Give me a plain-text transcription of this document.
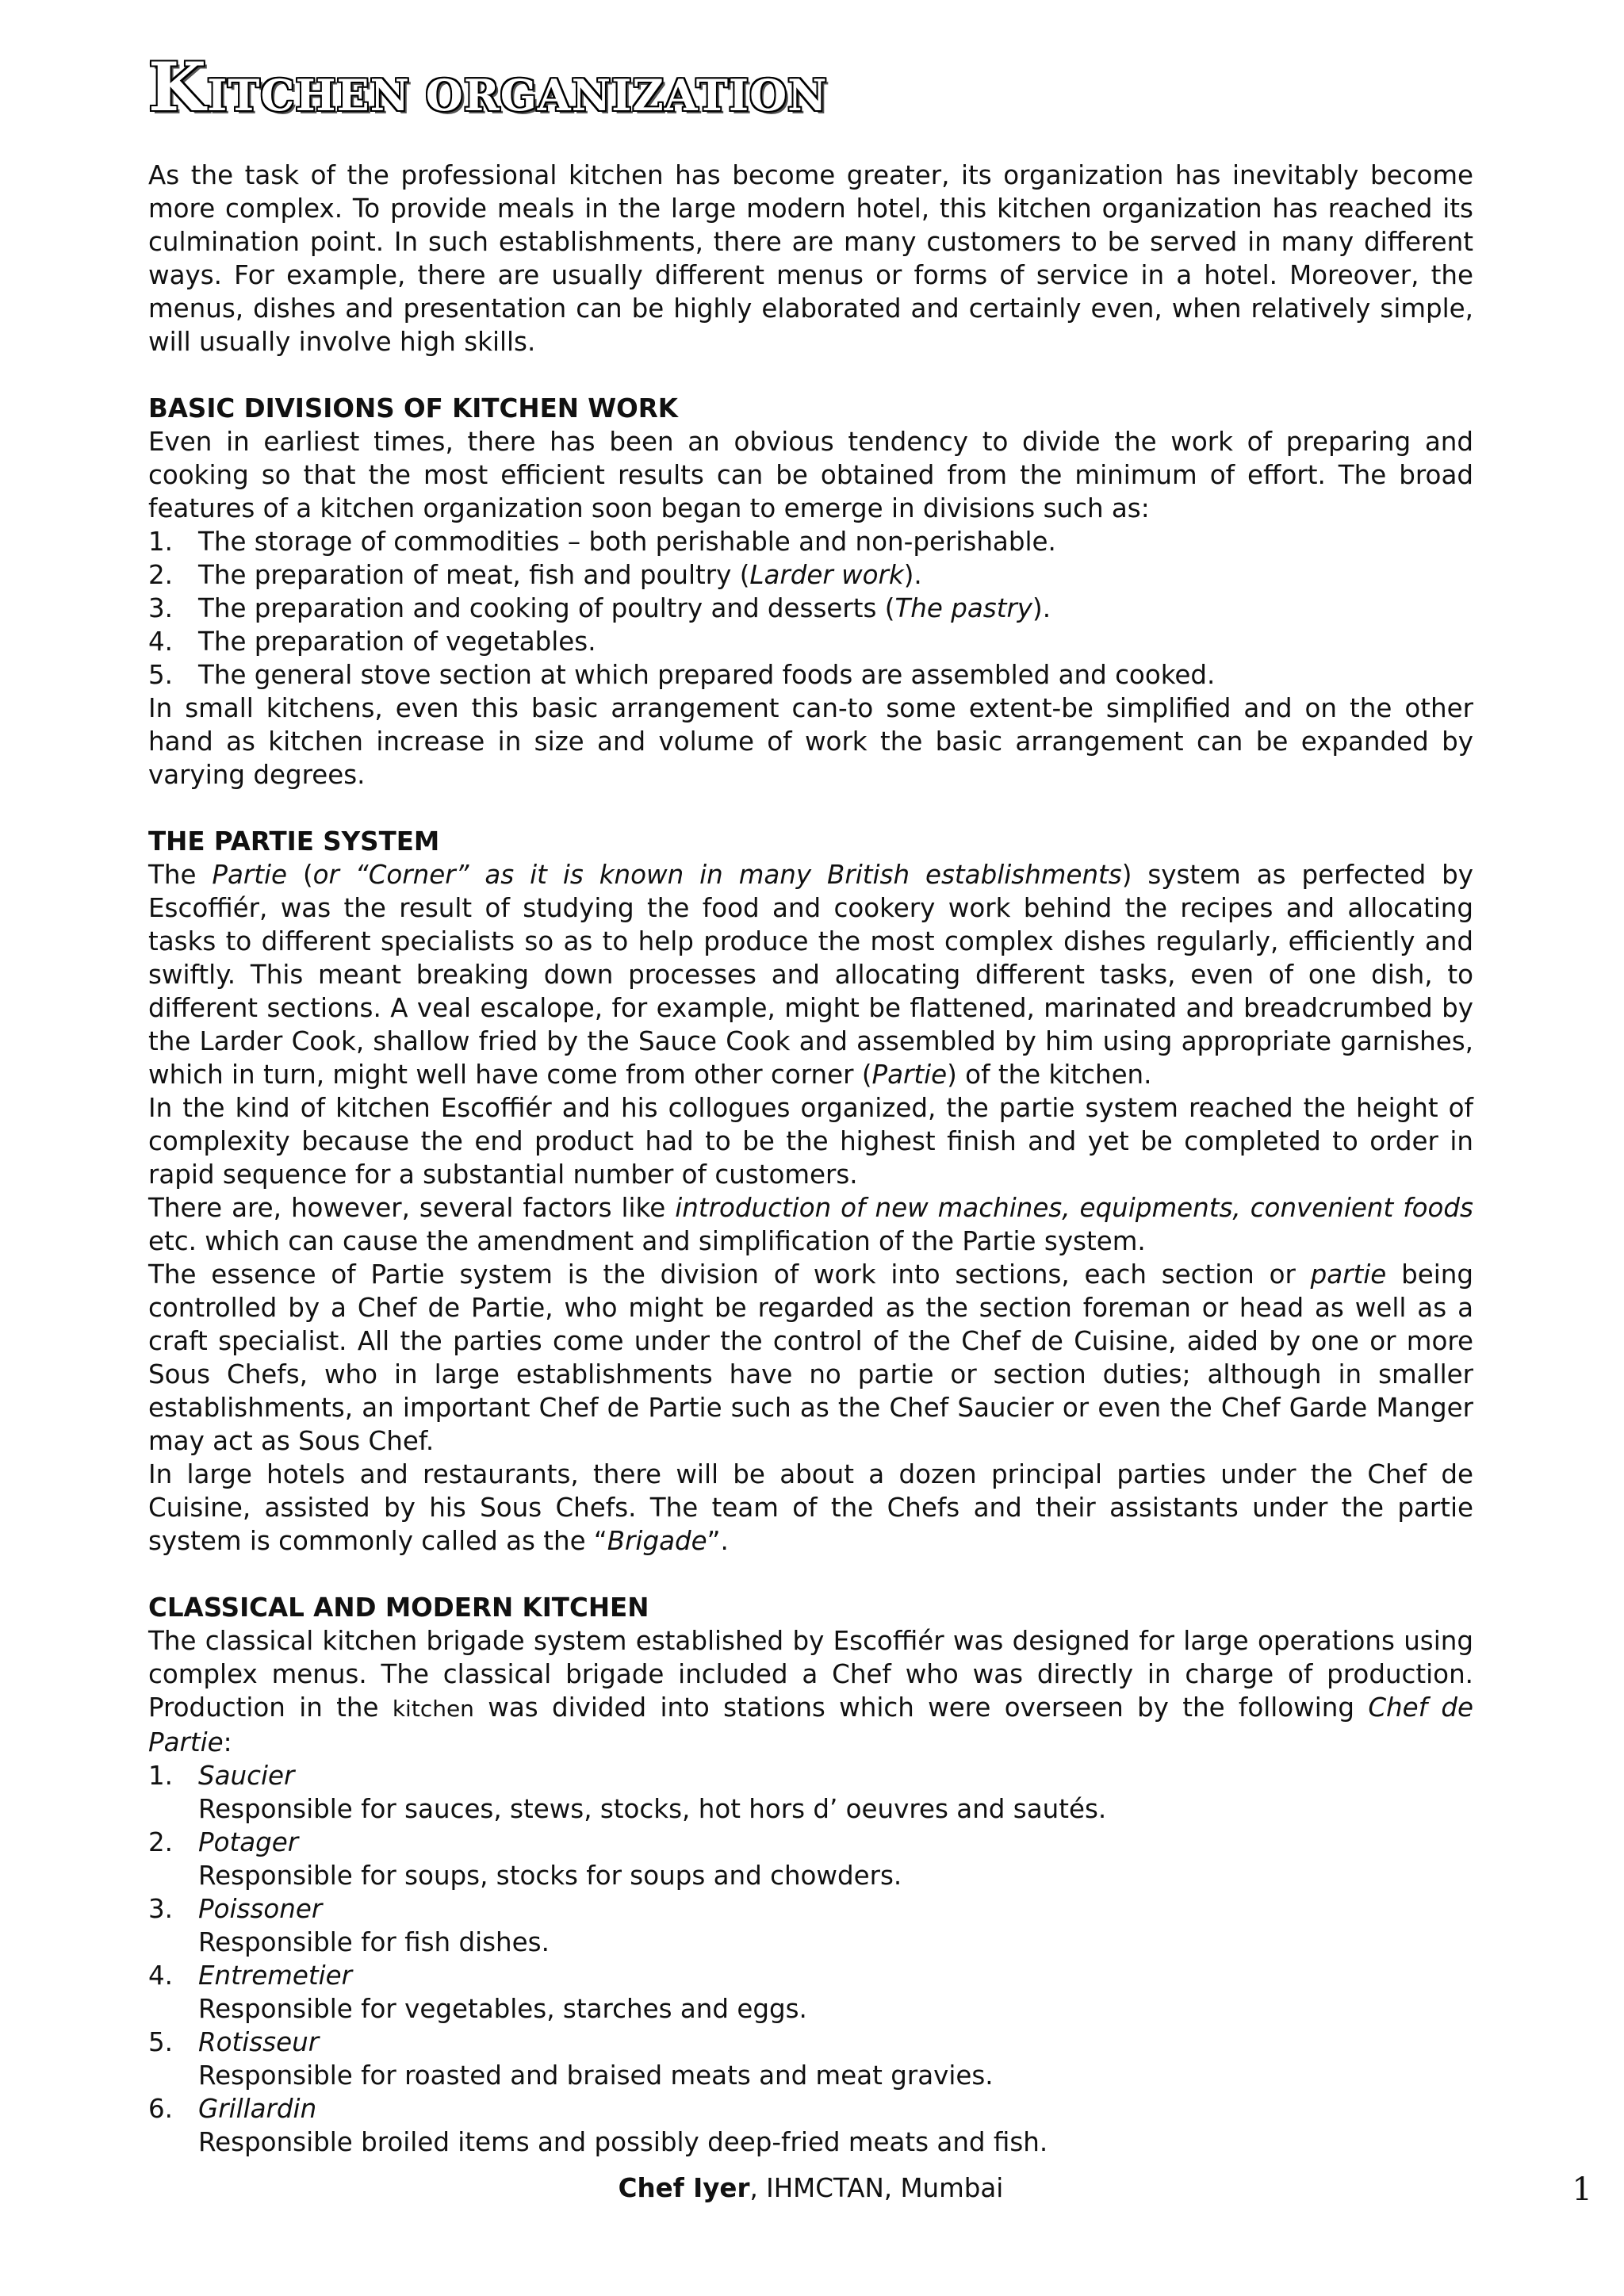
KITCHEN ORGANIZATION

As the task of the professional kitchen has become greater, its organization has inevitably become more complex. To provide meals in the large modern hotel, this kitchen organization has reached its culmination point. In such establishments, there are many customers to be served in many different ways. For example, there are usually different menus or forms of service in a hotel. Moreover, the menus, dishes and presentation can be highly elaborated and certainly even, when relatively simple, will usually involve high skills.

BASIC DIVISIONS OF KITCHEN WORK

Even in earliest times, there has been an obvious tendency to divide the work of preparing and cooking so that the most efficient results can be obtained from the minimum of effort. The broad features of a kitchen organization soon began to emerge in divisions such as:

1. The storage of commodities – both perishable and non-perishable.
2. The preparation of meat, fish and poultry (Larder work).
3. The preparation and cooking of poultry and desserts (The pastry).
4. The preparation of vegetables.
5. The general stove section at which prepared foods are assembled and cooked.

In small kitchens, even this basic arrangement can-to some extent-be simplified and on the other hand as kitchen increase in size and volume of work the basic arrangement can be expanded by varying degrees.

THE PARTIE SYSTEM

The Partie (or “Corner” as it is known in many British establishments) system as perfected by Escoffiér, was the result of studying the food and cookery work behind the recipes and allocating tasks to different specialists so as to help produce the most complex dishes regularly, efficiently and swiftly. This meant breaking down processes and allocating different tasks, even of one dish, to different sections. A veal escalope, for example, might be flattened, marinated and breadcrumbed by the Larder Cook, shallow fried by the Sauce Cook and assembled by him using appropriate garnishes, which in turn, might well have come from other corner (Partie) of the kitchen.

In the kind of kitchen Escoffiér and his collogues organized, the partie system reached the height of complexity because the end product had to be the highest finish and yet be completed to order in rapid sequence for a substantial number of customers.

There are, however, several factors like introduction of new machines, equipments, convenient foods etc. which can cause the amendment and simplification of the Partie system.

The essence of Partie system is the division of work into sections, each section or partie being controlled by a Chef de Partie, who might be regarded as the section foreman or head as well as a craft specialist. All the parties come under the control of the Chef de Cuisine, aided by one or more Sous Chefs, who in large establishments have no partie or section duties; although in smaller establishments, an important Chef de Partie such as the Chef Saucier or even the Chef Garde Manger may act as Sous Chef.

In large hotels and restaurants, there will be about a dozen principal parties under the Chef de Cuisine, assisted by his Sous Chefs. The team of the Chefs and their assistants under the partie system is commonly called as the “Brigade”.

CLASSICAL AND MODERN KITCHEN

The classical kitchen brigade system established by Escoffiér was designed for large operations using complex menus. The classical brigade included a Chef who was directly in charge of production. Production in the kitchen was divided into stations which were overseen by the following Chef de Partie:

1. Saucier
Responsible for sauces, stews, stocks, hot hors d’ oeuvres and sautés.
2. Potager
Responsible for soups, stocks for soups and chowders.
3. Poissoner
Responsible for fish dishes.
4. Entremetier
Responsible for vegetables, starches and eggs.
5. Rotisseur
Responsible for roasted and braised meats and meat gravies.
6. Grillardin
Responsible broiled items and possibly deep-fried meats and fish.
Chef Iyer, IHMCTAN, Mumbai	1
